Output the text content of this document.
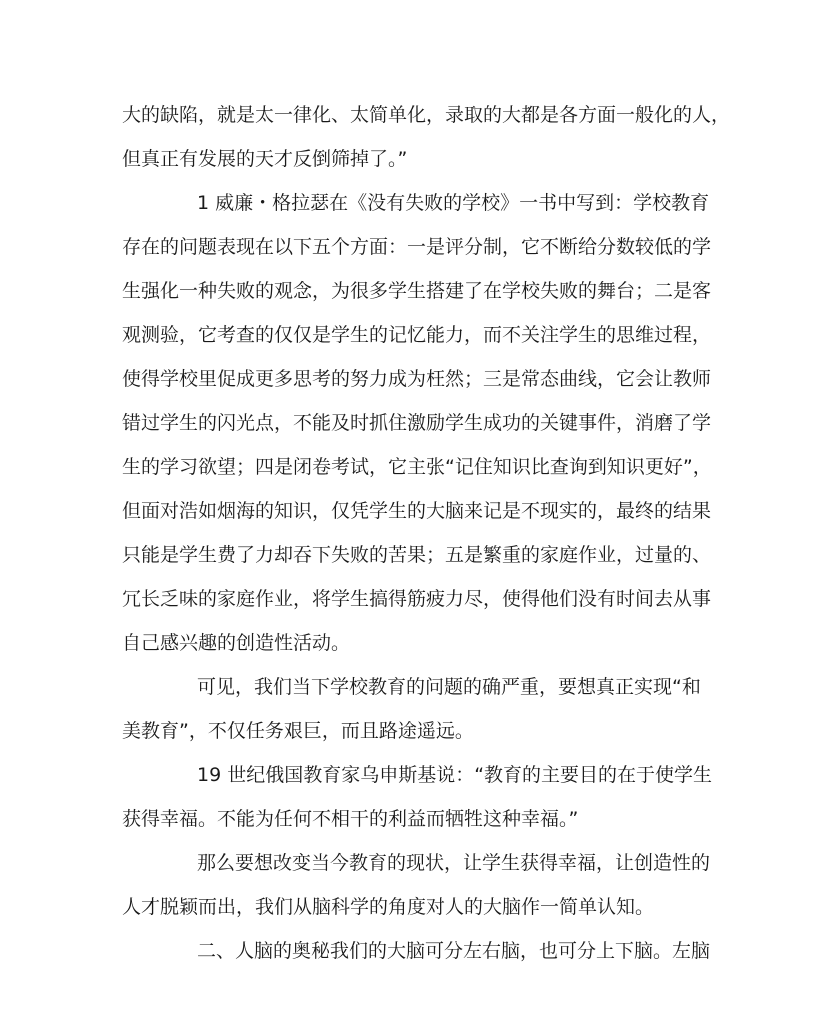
大的缺陷，就是太一律化、太简单化，录取的大都是各方面一般化的人，
但真正有发展的天才反倒筛掉了。”
1 威廉・格拉瑟在《没有失败的学校》一书中写到：学校教育
存在的问题表现在以下五个方面：一是评分制，它不断给分数较低的学
生强化一种失败的观念，为很多学生搭建了在学校失败的舞台；二是客
观测验，它考查的仅仅是学生的记忆能力，而不关注学生的思维过程，
使得学校里促成更多思考的努力成为枉然；三是常态曲线，它会让教师
错过学生的闪光点，不能及时抓住激励学生成功的关键事件，消磨了学
生的学习欲望；四是闭卷考试，它主张“记住知识比查询到知识更好”，
但面对浩如烟海的知识，仅凭学生的大脑来记是不现实的，最终的结果
只能是学生费了力却吞下失败的苦果；五是繁重的家庭作业，过量的、
冗长乏味的家庭作业，将学生搞得筋疲力尽，使得他们没有时间去从事
自己感兴趣的创造性活动。
可见，我们当下学校教育的问题的确严重，要想真正实现“和
美教育”，不仅任务艰巨，而且路途遥远。
19 世纪俄国教育家乌申斯基说：“教育的主要目的在于使学生
获得幸福。不能为任何不相干的利益而牺牲这种幸福。”
那么要想改变当今教育的现状，让学生获得幸福，让创造性的
人才脱颖而出，我们从脑科学的角度对人的大脑作一简单认知。
二、人脑的奥秘我们的大脑可分左右脑，也可分上下脑。左脑
